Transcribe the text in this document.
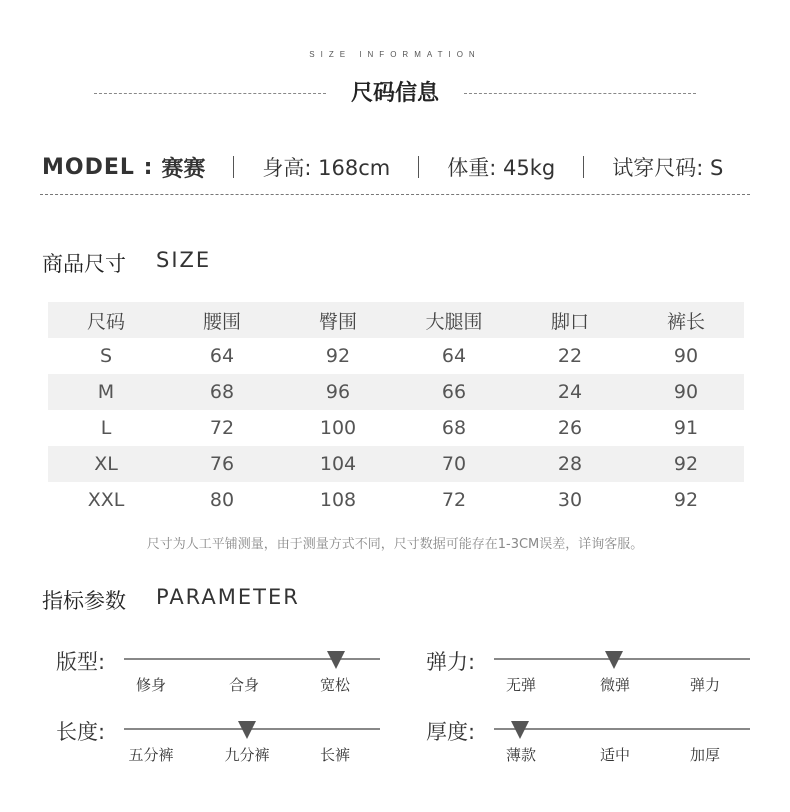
SIZE INFORMATION
尺码信息
MODEL : 赛赛	身高: 168cm	体重: 45kg	试穿尺码: S
商品尺寸 SIZE
尺码	腰围	臀围	大腿围	脚口	裤长
S	64	92	64	22	90
M	68	96	66	24	90
L	72	100	68	26	91
XL	76	104	70	28	92
XXL	80	108	72	30	92
尺寸为人工平铺测量，由于测量方式不同，尺寸数据可能存在1-3CM误差，详询客服。
指标参数 PARAMETER
版型:
修身	合身	宽松
弹力:
无弹	微弹	弹力
长度:
五分裤	九分裤	长裤
厚度:
薄款	适中	加厚
